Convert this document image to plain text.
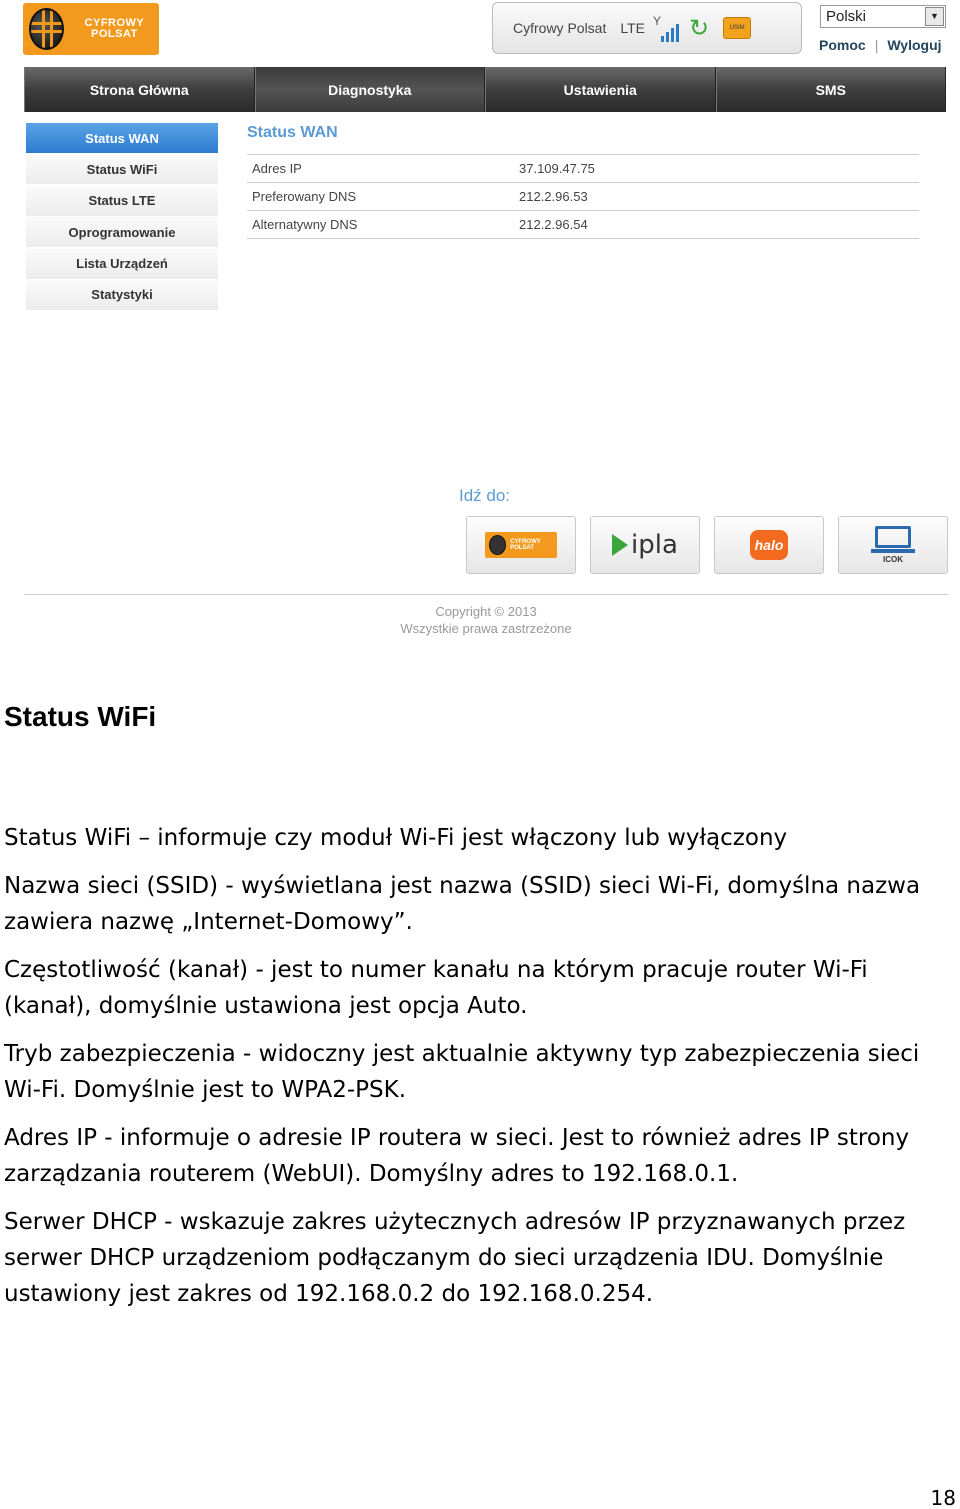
CYFROWY POLSAT	Cyfrowy Polsat LTE Y ↻	USIM
Polski	▼
Pomoc | Wyloguj
Strona Główna	Diagnostyka	Ustawienia	SMS
Status WAN
Status WiFi
Status LTE
Oprogramowanie
Lista Urządzeń
Statystyki
Status WAN
Adres IP	37.109.47.75
Preferowany DNS	212.2.96.53
Alternatywny DNS	212.2.96.54
Idź do:
CYFROWY POLSAT	ipla	halo
ICOK
Copyright © 2013
Wszystkie prawa zastrzeżone
Status WiFi

Status WiFi – informuje czy moduł Wi-Fi jest włączony lub wyłączony

Nazwa sieci (SSID) - wyświetlana jest nazwa (SSID) sieci Wi-Fi, domyślna nazwa zawiera nazwę „Internet-Domowy”.

Częstotliwość (kanał) - jest to numer kanału na którym pracuje router Wi-Fi (kanał), domyślnie ustawiona jest opcja Auto.

Tryb zabezpieczenia - widoczny jest aktualnie aktywny typ zabezpieczenia sieci Wi-Fi. Domyślnie jest to WPA2-PSK.

Adres IP - informuje o adresie IP routera w sieci. Jest to również adres IP strony zarządzania routerem (WebUI). Domyślny adres to 192.168.0.1.

Serwer DHCP - wskazuje zakres użytecznych adresów IP przyznawanych przez serwer DHCP urządzeniom podłączanym do sieci urządzenia IDU. Domyślnie ustawiony jest zakres od 192.168.0.2 do 192.168.0.254.

18
